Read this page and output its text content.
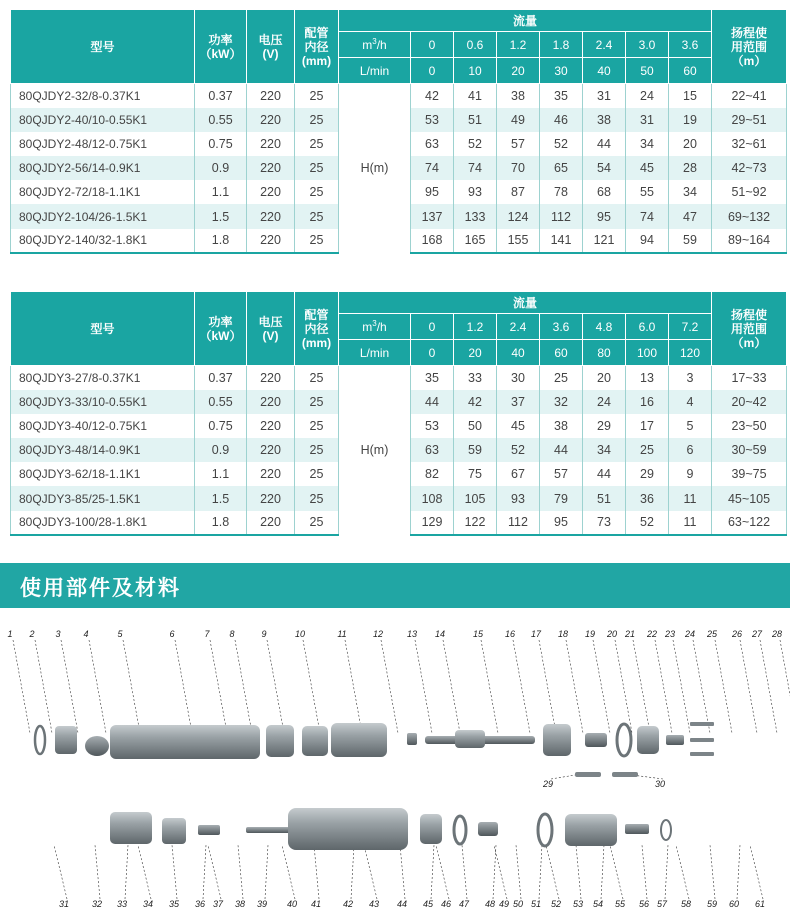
型号	功率
（kW）	电压
(V)	配管
内径
(mm)	流量								扬程使
用范围
（m）
				$m^3/h$	0	0.6	1.2	1.8	2.4	3.0	3.6	
				L/min	0	10	20	30	40	50	60	
80QJDY2-32/8-0.37K1	0.37	220	25	H(m)	42	41	38	35	31	24	15	22~41
80QJDY2-40/10-0.55K1	0.55	220	25		53	51	49	46	38	31	19	29~51
80QJDY2-48/12-0.75K1	0.75	220	25		63	52	57	52	44	34	20	32~61
80QJDY2-56/14-0.9K1	0.9	220	25		74	74	70	65	54	45	28	42~73
80QJDY2-72/18-1.1K1	1.1	220	25		95	93	87	78	68	55	34	51~92
80QJDY2-104/26-1.5K1	1.5	220	25		137	133	124	112	95	74	47	69~132
80QJDY2-140/32-1.8K1	1.8	220	25		168	165	155	141	121	94	59	89~164
型号	功率
（kW）	电压
(V)	配管
内径
(mm)	流量								扬程使
用范围
（m）
				$m^3/h$	0	1.2	2.4	3.6	4.8	6.0	7.2	
				L/min	0	20	40	60	80	100	120	
80QJDY3-27/8-0.37K1	0.37	220	25	H(m)	35	33	30	25	20	13	3	17~33
80QJDY3-33/10-0.55K1	0.55	220	25		44	42	37	32	24	16	4	20~42
80QJDY3-40/12-0.75K1	0.75	220	25		53	50	45	38	29	17	5	23~50
80QJDY3-48/14-0.9K1	0.9	220	25		63	59	52	44	34	25	6	30~59
80QJDY3-62/18-1.1K1	1.1	220	25		82	75	67	57	44	29	9	39~75
80QJDY3-85/25-1.5K1	1.5	220	25		108	105	93	79	51	36	11	45~105
80QJDY3-100/28-1.8K1	1.8	220	25		129	122	112	95	73	52	11	63~122
使用部件及材料
1 2 3	4	5	6	7 8	9	10	11	12	13 14	15 16 17 18 19 20 21 22 23 24 25 26 27 28
29	30
31	32 33 34 35 36 37 38 39 40 41 42 43 44 45 46 47 48 49 50 51 52 53 54 55 56 57 58 59 60 61
